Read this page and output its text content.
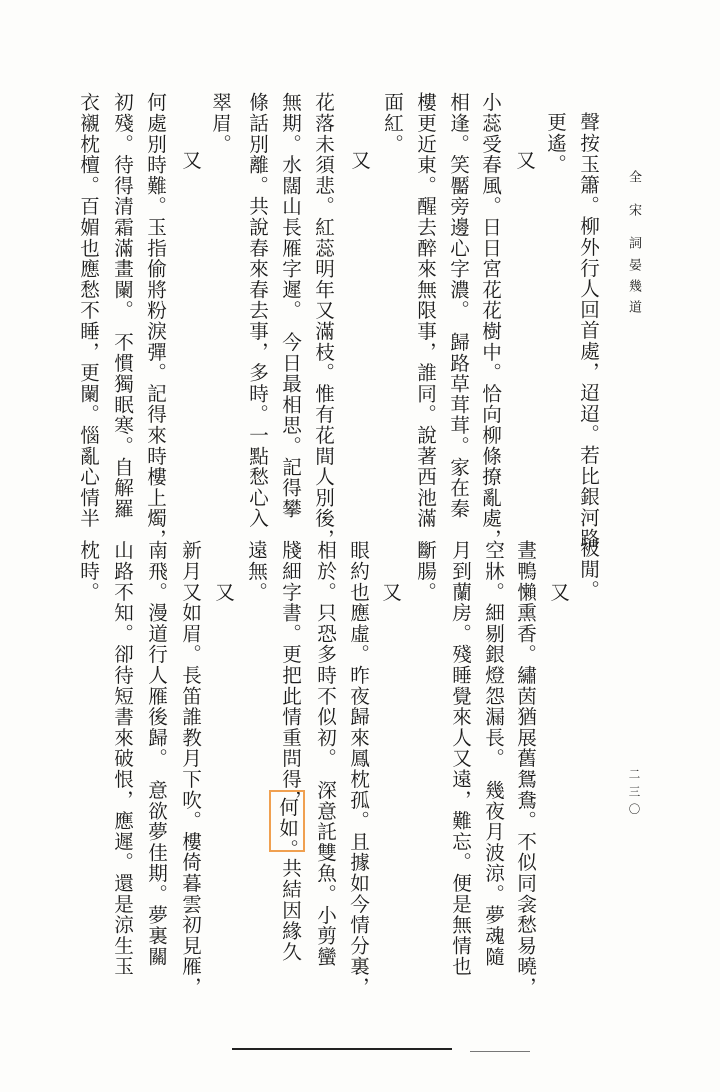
全 宋 詞
晏幾道
二三〇
聲按玉簫。柳外行人回首處，迢迢。若比銀河路
更遙。
又
小蕊受春風。日日宮花花樹中。恰向柳條撩亂處，
相逢。笑靨旁邊心字濃。　歸路草茸茸。家在秦
樓更近東。醒去醉來無限事，誰同。說著西池滿
面紅。
又
花落未須悲。紅蕊明年又滿枝。惟有花間人別後，
無期。水闊山長雁字遲。　今日最相思。記得攀
條話別離。共說春來春去事，多時。一點愁心入
翠眉。
又
何處別時難。玉指偷將粉淚彈。記得來時樓上燭，
初殘。待得清霜滿畫闌。　不慣獨眠寒。自解羅
衣襯枕檀。百媚也應愁不睡，更闌。惱亂心情半
被閒。
又
晝鴨懶熏香。繡茵猶展舊鴛鴦。不似同衾愁易曉，
空牀。細剔銀燈怨漏長。　幾夜月波涼。夢魂隨
月到蘭房。殘睡覺來人又遠，難忘。便是無情也
斷腸。
又
眼約也應虛。昨夜歸來鳳枕孤。且據如今情分裏，
相於。只恐多時不似初。　深意託雙魚。小剪蠻
牋細字書。更把此情重問得，
何如。
共結因緣久
遠無。
又
新月又如眉。長笛誰教月下吹。樓倚暮雲初見雁，
南飛。漫道行人雁後歸。　意欲夢佳期。夢裏關
山路不知。卻待短書來破恨，應遲。還是涼生玉
枕時。
